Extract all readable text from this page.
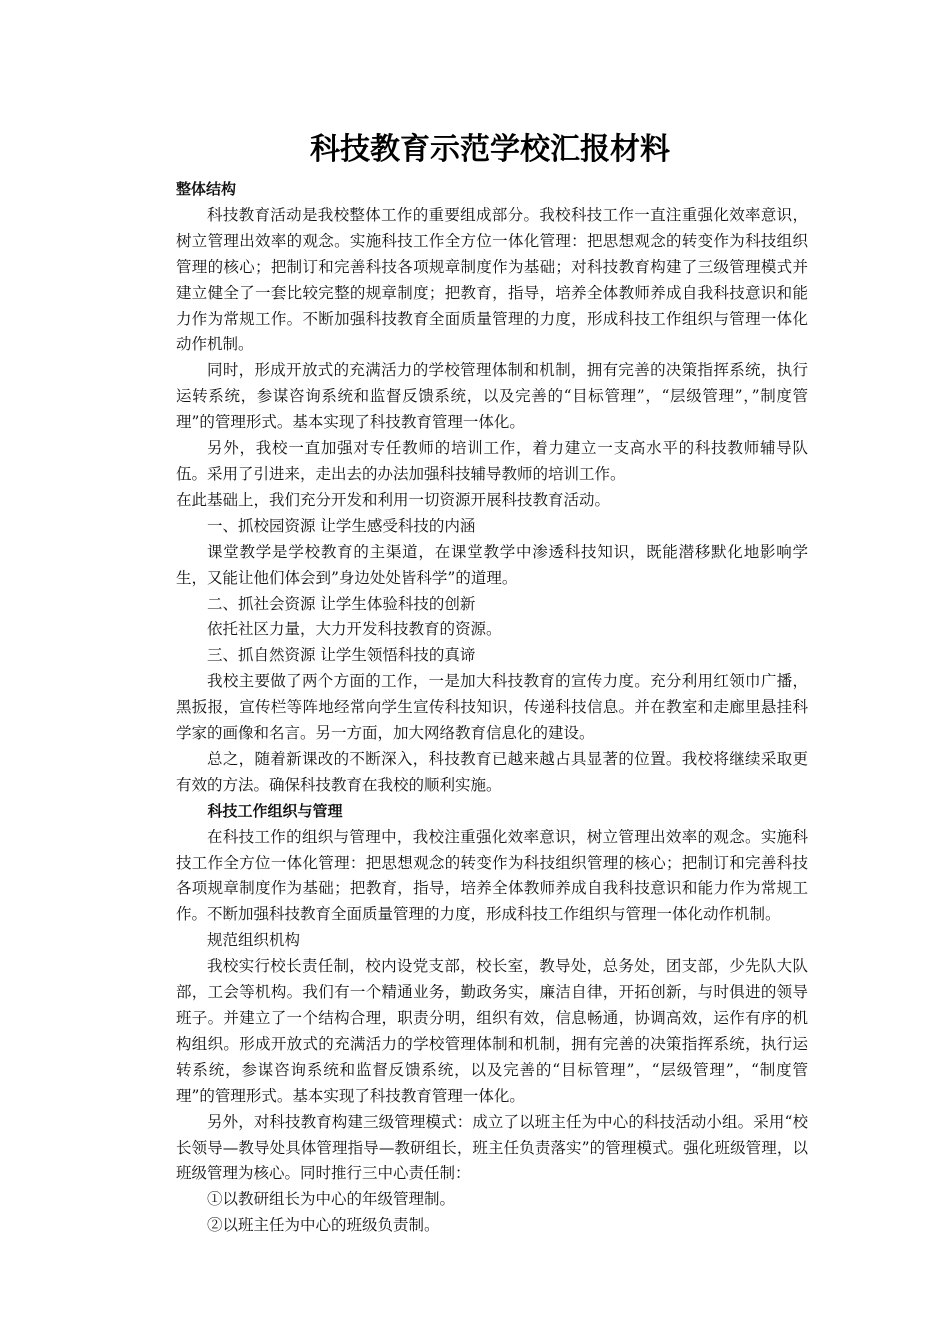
科技教育示范学校汇报材料

整体结构

科技教育活动是我校整体工作的重要组成部分。我校科技工作一直注重强化效率意识，树立管理出效率的观念。实施科技工作全方位一体化管理：把思想观念的转变作为科技组织管理的核心；把制订和完善科技各项规章制度作为基础；对科技教育构建了三级管理模式并建立健全了一套比较完整的规章制度；把教育，指导，培养全体教师养成自我科技意识和能力作为常规工作。不断加强科技教育全面质量管理的力度，形成科技工作组织与管理一体化动作机制。

同时，形成开放式的充满活力的学校管理体制和机制，拥有完善的决策指挥系统，执行运转系统，参谋咨询系统和监督反馈系统，以及完善的“目标管理”，“层级管理”，”制度管理”的管理形式。基本实现了科技教育管理一体化。

另外，我校一直加强对专任教师的培训工作，着力建立一支高水平的科技教师辅导队伍。采用了引进来，走出去的办法加强科技辅导教师的培训工作。

在此基础上，我们充分开发和利用一切资源开展科技教育活动。

一、抓校园资源 让学生感受科技的内涵

课堂教学是学校教育的主渠道，在课堂教学中渗透科技知识，既能潜移默化地影响学生，又能让他们体会到”身边处处皆科学”的道理。

二、抓社会资源 让学生体验科技的创新

依托社区力量，大力开发科技教育的资源。

三、抓自然资源 让学生领悟科技的真谛

我校主要做了两个方面的工作，一是加大科技教育的宣传力度。充分利用红领巾广播，黑扳报，宣传栏等阵地经常向学生宣传科技知识，传递科技信息。并在教室和走廊里悬挂科学家的画像和名言。另一方面，加大网络教育信息化的建设。

总之，随着新课改的不断深入，科技教育已越来越占具显著的位置。我校将继续采取更有效的方法。确保科技教育在我校的顺利实施。

科技工作组织与管理

在科技工作的组织与管理中，我校注重强化效率意识，树立管理出效率的观念。实施科技工作全方位一体化管理：把思想观念的转变作为科技组织管理的核心；把制订和完善科技各项规章制度作为基础；把教育，指导，培养全体教师养成自我科技意识和能力作为常规工作。不断加强科技教育全面质量管理的力度，形成科技工作组织与管理一体化动作机制。

规范组织机构

我校实行校长责任制，校内设党支部，校长室，教导处，总务处，团支部，少先队大队部，工会等机构。我们有一个精通业务，勤政务实，廉洁自律，开拓创新，与时俱进的领导班子。并建立了一个结构合理，职责分明，组织有效，信息畅通，协调高效，运作有序的机构组织。形成开放式的充满活力的学校管理体制和机制，拥有完善的决策指挥系统，执行运转系统，参谋咨询系统和监督反馈系统，以及完善的“目标管理”，“层级管理”，“制度管理”的管理形式。基本实现了科技教育管理一体化。

另外，对科技教育构建三级管理模式：成立了以班主任为中心的科技活动小组。采用“校长领导—教导处具体管理指导—教研组长，班主任负责落实”的管理模式。强化班级管理，以班级管理为核心。同时推行三中心责任制：

①以教研组长为中心的年级管理制。

②以班主任为中心的班级负责制。
